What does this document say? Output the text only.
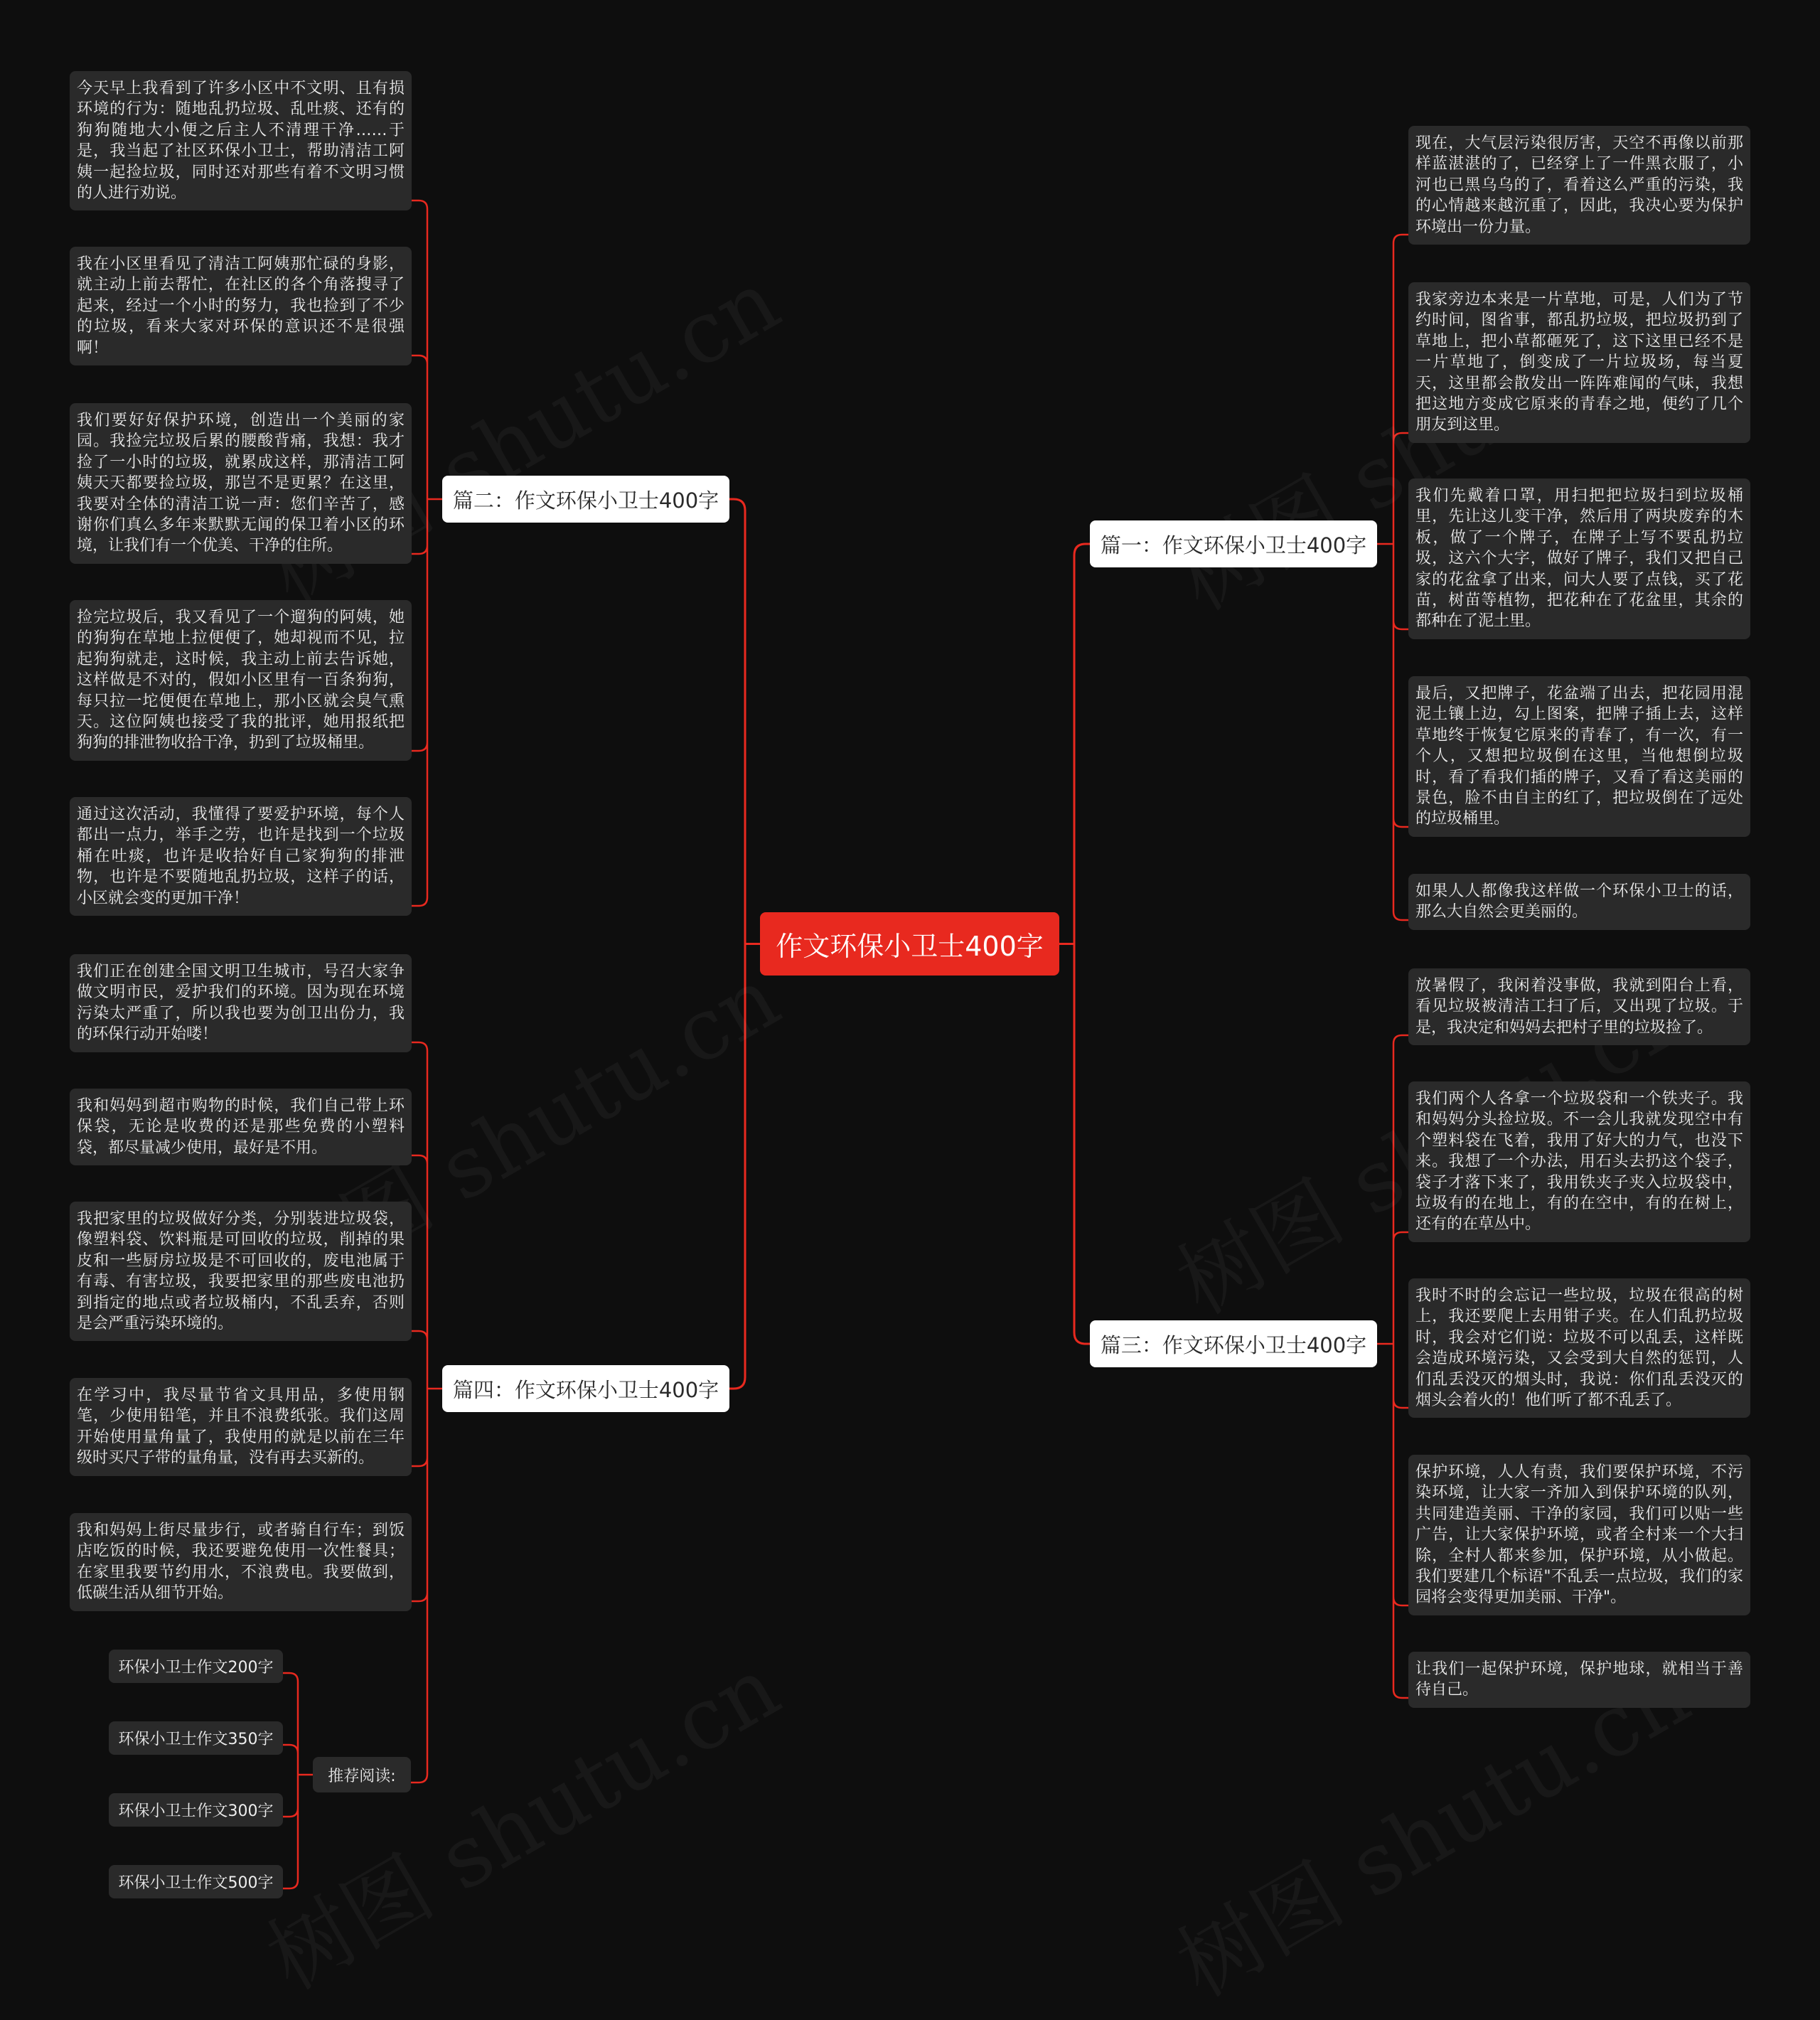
作文环保小卫士400字
篇一：作文环保小卫士400字
篇二：作文环保小卫士400字
篇三：作文环保小卫士400字
篇四：作文环保小卫士400字
现在，大气层污染很厉害，天空不再像以前那样蓝湛湛的了，已经穿上了一件黑衣服了，小河也已黑乌乌的了，看着这么严重的污染，我的心情越来越沉重了，因此，我决心要为保护环境出一份力量。
我家旁边本来是一片草地，可是，人们为了节约时间，图省事，都乱扔垃圾，把垃圾扔到了草地上，把小草都砸死了，这下这里已经不是一片草地了，倒变成了一片垃圾场，每当夏天，这里都会散发出一阵阵难闻的气味，我想把这地方变成它原来的青春之地，便约了几个朋友到这里。
我们先戴着口罩，用扫把把垃圾扫到垃圾桶里，先让这儿变干净，然后用了两块废弃的木板，做了一个牌子，在牌子上写不要乱扔垃圾，这六个大字，做好了牌子，我们又把自己家的花盆拿了出来，问大人要了点钱，买了花苗，树苗等植物，把花种在了花盆里，其余的都种在了泥土里。
最后，又把牌子，花盆端了出去，把花园用混泥土镶上边，勾上图案，把牌子插上去，这样草地终于恢复它原来的青春了，有一次，有一个人，又想把垃圾倒在这里，当他想倒垃圾时，看了看我们插的牌子，又看了看这美丽的景色，脸不由自主的红了，把垃圾倒在了远处的垃圾桶里。
如果人人都像我这样做一个环保小卫士的话，那么大自然会更美丽的。
今天早上我看到了许多小区中不文明、且有损环境的行为：随地乱扔垃圾、乱吐痰、还有的狗狗随地大小便之后主人不清理干净……于是，我当起了社区环保小卫士，帮助清洁工阿姨一起捡垃圾，同时还对那些有着不文明习惯的人进行劝说。
我在小区里看见了清洁工阿姨那忙碌的身影，就主动上前去帮忙，在社区的各个角落搜寻了起来，经过一个小时的努力，我也捡到了不少的垃圾，看来大家对环保的意识还不是很强啊！
我们要好好保护环境，创造出一个美丽的家园。我捡完垃圾后累的腰酸背痛，我想：我才捡了一小时的垃圾，就累成这样，那清洁工阿姨天天都要捡垃圾，那岂不是更累？在这里，我要对全体的清洁工说一声：您们辛苦了，感谢你们真么多年来默默无闻的保卫着小区的环境，让我们有一个优美、干净的住所。
捡完垃圾后，我又看见了一个遛狗的阿姨，她的狗狗在草地上拉便便了，她却视而不见，拉起狗狗就走，这时候，我主动上前去告诉她，这样做是不对的，假如小区里有一百条狗狗，每只拉一坨便便在草地上，那小区就会臭气熏天。这位阿姨也接受了我的批评，她用报纸把狗狗的排泄物收拾干净，扔到了垃圾桶里。
通过这次活动，我懂得了要爱护环境，每个人都出一点力，举手之劳，也许是找到一个垃圾桶在吐痰，也许是收拾好自己家狗狗的排泄物，也许是不要随地乱扔垃圾，这样子的话，小区就会变的更加干净！
放暑假了，我闲着没事做，我就到阳台上看，看见垃圾被清洁工扫了后，又出现了垃圾。于是，我决定和妈妈去把村子里的垃圾捡了。
我们两个人各拿一个垃圾袋和一个铁夹子。我和妈妈分头捡垃圾。不一会儿我就发现空中有个塑料袋在飞着，我用了好大的力气，也没下来。我想了一个办法，用石头去扔这个袋子，袋子才落下来了，我用铁夹子夹入垃圾袋中，垃圾有的在地上，有的在空中，有的在树上，还有的在草丛中。
我时不时的会忘记一些垃圾，垃圾在很高的树上，我还要爬上去用钳子夹。在人们乱扔垃圾时，我会对它们说：垃圾不可以乱丢，这样既会造成环境污染，又会受到大自然的惩罚，人们乱丢没灭的烟头时，我说：你们乱丢没灭的烟头会着火的！他们听了都不乱丢了。
保护环境，人人有责，我们要保护环境，不污染环境，让大家一齐加入到保护环境的队列，共同建造美丽、干净的家园，我们可以贴一些广告，让大家保护环境，或者全村来一个大扫除，全村人都来参加，保护环境，从小做起。我们要建几个标语"不乱丢一点垃圾，我们的家园将会变得更加美丽、干净"。
让我们一起保护环境，保护地球，就相当于善待自己。
我们正在创建全国文明卫生城市，号召大家争做文明市民，爱护我们的环境。因为现在环境污染太严重了，所以我也要为创卫出份力，我的环保行动开始喽！
我和妈妈到超市购物的时候，我们自己带上环保袋，无论是收费的还是那些免费的小塑料袋，都尽量减少使用，最好是不用。
我把家里的垃圾做好分类，分别装进垃圾袋，像塑料袋、饮料瓶是可回收的垃圾，削掉的果皮和一些厨房垃圾是不可回收的，废电池属于有毒、有害垃圾，我要把家里的那些废电池扔到指定的地点或者垃圾桶内，不乱丢弃，否则是会严重污染环境的。
在学习中，我尽量节省文具用品，多使用钢笔，少使用铅笔，并且不浪费纸张。我们这周开始使用量角量了，我使用的就是以前在三年级时买尺子带的量角量，没有再去买新的。
我和妈妈上街尽量步行，或者骑自行车；到饭店吃饭的时候，我还要避免使用一次性餐具；在家里我要节约用水，不浪费电。我要做到，低碳生活从细节开始。
推荐阅读:
环保小卫士作文200字
环保小卫士作文350字
环保小卫士作文300字
环保小卫士作文500字
